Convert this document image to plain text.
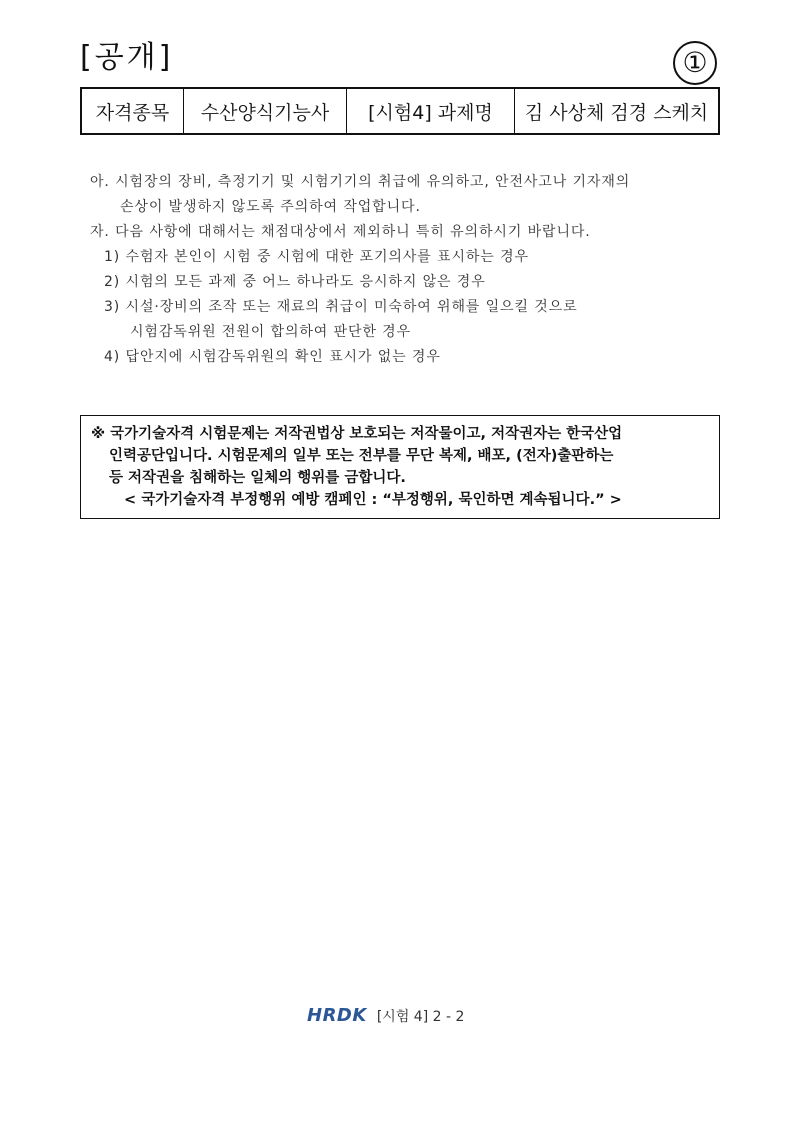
[공개]	①
자격종목	수산양식기능사	[시험4] 과제명	김 사상체 검경 스케치
아. 시험장의 장비, 측정기기 및 시험기기의 취급에 유의하고, 안전사고나 기자재의
손상이 발생하지 않도록 주의하여 작업합니다.
자. 다음 사항에 대해서는 채점대상에서 제외하니 특히 유의하시기 바랍니다.
1) 수험자 본인이 시험 중 시험에 대한 포기의사를 표시하는 경우
2) 시험의 모든 과제 중 어느 하나라도 응시하지 않은 경우
3) 시설·장비의 조작 또는 재료의 취급이 미숙하여 위해를 일으킬 것으로
시험감독위원 전원이 합의하여 판단한 경우
4) 답안지에 시험감독위원의 확인 표시가 없는 경우
※ 국가기술자격 시험문제는 저작권법상 보호되는 저작물이고, 저작권자는 한국산업
인력공단입니다. 시험문제의 일부 또는 전부를 무단 복제, 배포, (전자)출판하는
등 저작권을 침해하는 일체의 행위를 금합니다.
< 국가기술자격 부정행위 예방 캠페인 : “부정행위, 묵인하면 계속됩니다.” >
HRDK [시험 4] 2 - 2
